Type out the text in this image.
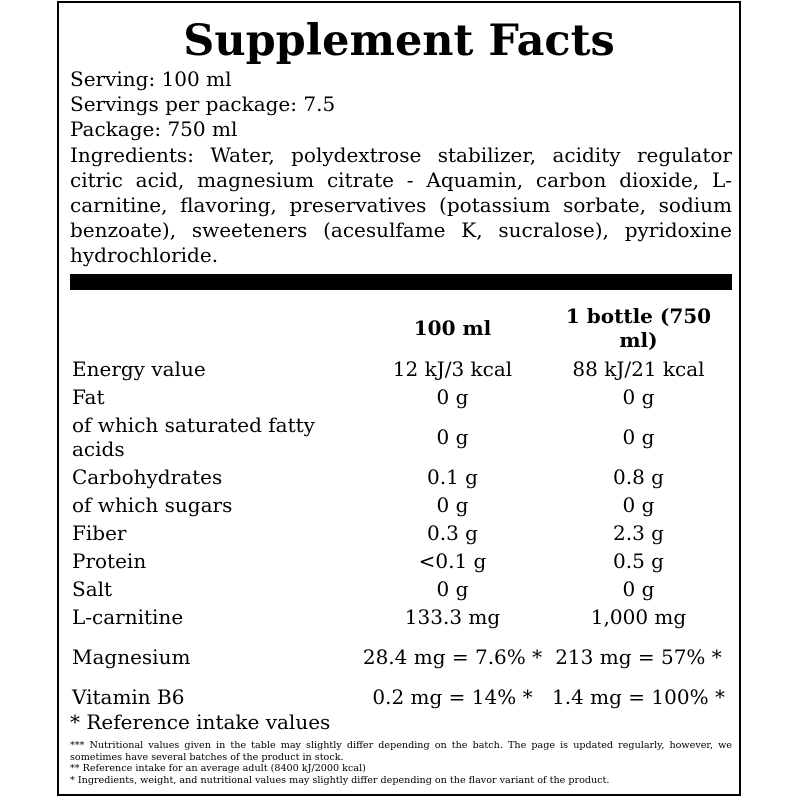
Supplement Facts

Serving: 100 ml

Servings per package: 7.5

Package: 750 ml

Ingredients: Water, polydextrose stabilizer, acidity regulator citric acid, magnesium citrate - Aquamin, carbon dioxide, L-carnitine, flavoring, preservatives (potassium sorbate, sodium benzoate), sweeteners (acesulfame K, sucralose), pyridoxine hydrochloride.

	100 ml	1 bottle (750 ml)
Energy value	12 kJ/3 kcal	88 kJ/21 kcal
Fat	0 g	0 g
of which saturated fatty acids	0 g	0 g
Carbohydrates	0.1 g	0.8 g
of which sugars	0 g	0 g
Fiber	0.3 g	2.3 g
Protein	<0.1 g	0.5 g
Salt	0 g	0 g
L-carnitine	133.3 mg	1,000 mg
Magnesium	28.4 mg = 7.6% *	213 mg = 57% *
Vitamin B6	0.2 mg = 14% *	1.4 mg = 100% *
* Reference intake values

*** Nutritional values given in the table may slightly differ depending on the batch. The page is updated regularly, however, we sometimes have several batches of the product in stock.

** Reference intake for an average adult (8400 kJ/2000 kcal)

* Ingredients, weight, and nutritional values may slightly differ depending on the flavor variant of the product.
